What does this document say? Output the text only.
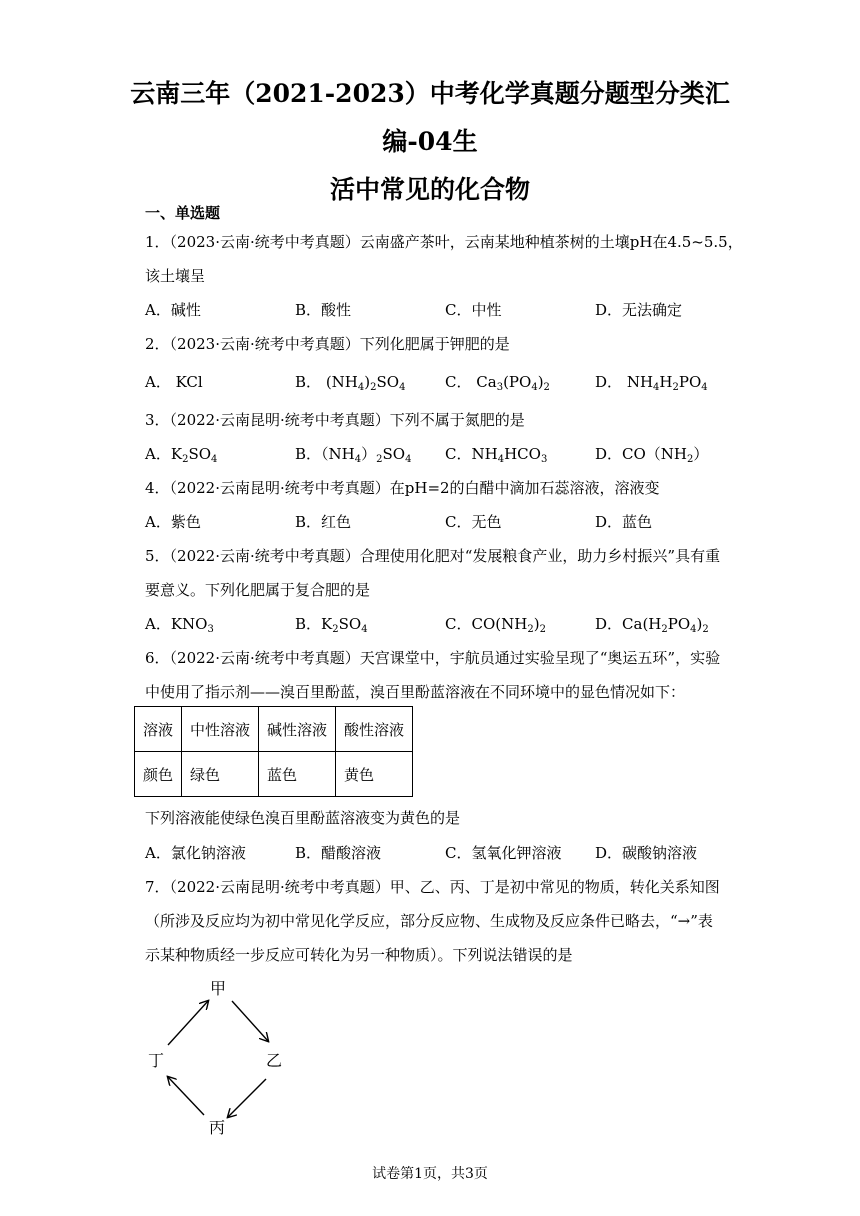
云南三年（2021-2023）中考化学真题分题型分类汇编-04生
活中常见的化合物
一、单选题
1．（2023·云南·统考中考真题）云南盛产茶叶，云南某地种植茶树的土壤pH在4.5~5.5，
该土壤呈
A．碱性	B．酸性	C．中性	D．无法确定
2．（2023·云南·统考中考真题）下列化肥属于钾肥的是
A． KCl	B． $(NH_4)_2SO_4$	C． $Ca_3(PO_4)_2$	D． $NH_4H_2PO_4$
3．（2022·云南昆明·统考中考真题）下列不属于氮肥的是
A．$K_2SO_4$	B．$(NH_4)_2SO_4$ C．$NH_4HCO_3$	D．$CO(NH_2)$
4．（2022·云南昆明·统考中考真题）在pH=2的白醋中滴加石蕊溶液，溶液变
A．紫色	B．红色	C．无色	D．蓝色
5．（2022·云南·统考中考真题）合理使用化肥对“发展粮食产业，助力乡村振兴”具有重
要意义。下列化肥属于复合肥的是
A．$KNO_3$	B．$K_2SO_4$	C．$CO(NH_2)_2$	D．$Ca(H_2PO_4)_2$
6．（2022·云南·统考中考真题）天宫课堂中，宇航员通过实验呈现了“奥运五环”，实验
中使用了指示剂——溴百里酚蓝，溴百里酚蓝溶液在不同环境中的显色情况如下：
溶液	中性溶液	碱性溶液	酸性溶液
颜色	绿色	蓝色	黄色
下列溶液能使绿色溴百里酚蓝溶液变为黄色的是
A．氯化钠溶液	B．醋酸溶液	C．氢氧化钾溶液 D．碳酸钠溶液
7．（2022·云南昆明·统考中考真题）甲、乙、丙、丁是初中常见的物质，转化关系知图
（所涉及反应均为初中常见化学反应，部分反应物、生成物及反应条件已略去，“→”表
示某种物质经一步反应可转化为另一种物质）。下列说法错误的是
甲
乙
丙
丁
试卷第1页，共3页
